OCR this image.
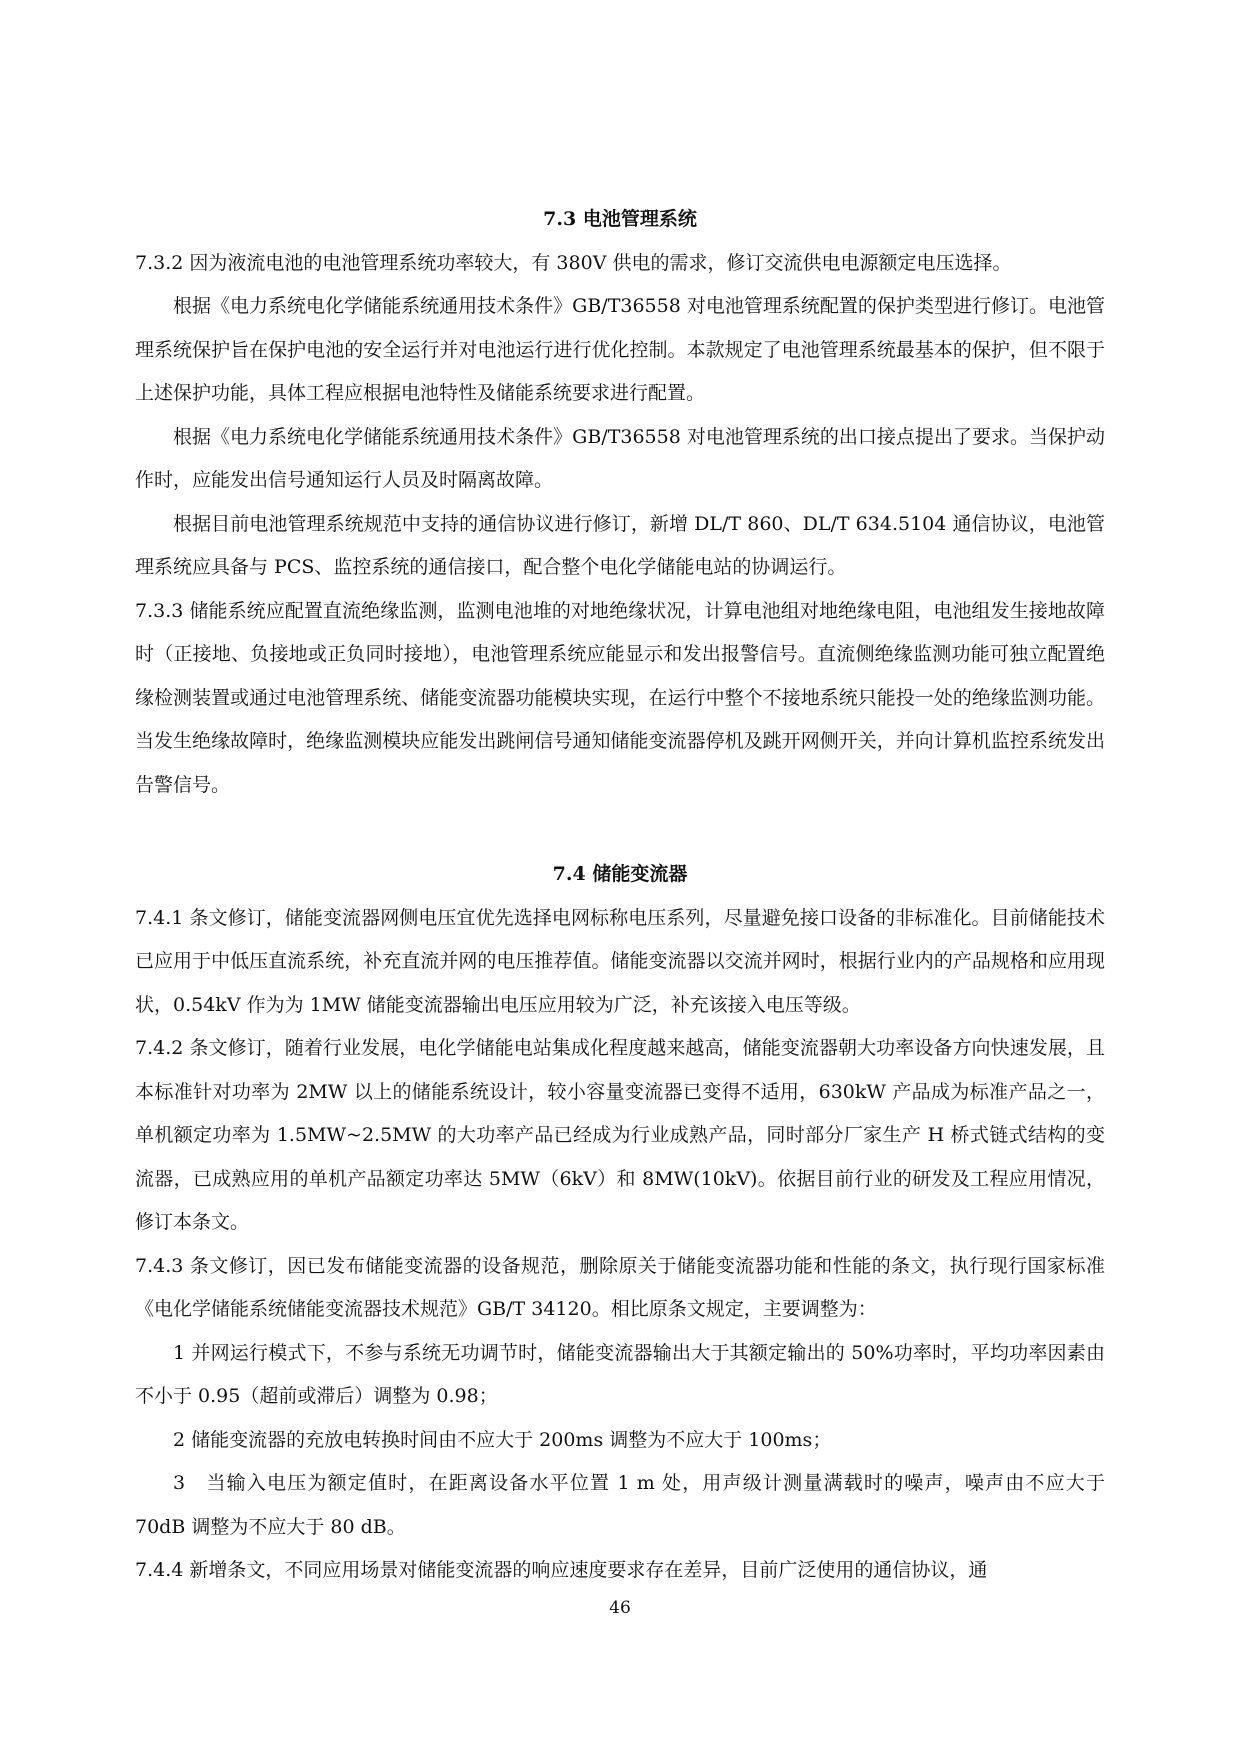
7.3 电池管理系统

7.3.2 因为液流电池的电池管理系统功率较大，有 380V 供电的需求，修订交流供电电源额定电压选择。

根据《电力系统电化学储能系统通用技术条件》GB/T36558 对电池管理系统配置的保护类型进行修订。电池管理系统保护旨在保护电池的安全运行并对电池运行进行优化控制。本款规定了电池管理系统最基本的保护，但不限于上述保护功能，具体工程应根据电池特性及储能系统要求进行配置。

根据《电力系统电化学储能系统通用技术条件》GB/T36558 对电池管理系统的出口接点提出了要求。当保护动作时，应能发出信号通知运行人员及时隔离故障。

根据目前电池管理系统规范中支持的通信协议进行修订，新增 DL/T 860、DL/T 634.5104 通信协议，电池管理系统应具备与 PCS、监控系统的通信接口，配合整个电化学储能电站的协调运行。

7.3.3 储能系统应配置直流绝缘监测，监测电池堆的对地绝缘状况，计算电池组对地绝缘电阻，电池组发生接地故障时（正接地、负接地或正负同时接地），电池管理系统应能显示和发出报警信号。直流侧绝缘监测功能可独立配置绝缘检测装置或通过电池管理系统、储能变流器功能模块实现，在运行中整个不接地系统只能投一处的绝缘监测功能。当发生绝缘故障时，绝缘监测模块应能发出跳闸信号通知储能变流器停机及跳开网侧开关，并向计算机监控系统发出告警信号。

7.4 储能变流器

7.4.1 条文修订，储能变流器网侧电压宜优先选择电网标称电压系列，尽量避免接口设备的非标准化。目前储能技术已应用于中低压直流系统，补充直流并网的电压推荐值。储能变流器以交流并网时，根据行业内的产品规格和应用现状，0.54kV 作为为 1MW 储能变流器输出电压应用较为广泛，补充该接入电压等级。

7.4.2 条文修订，随着行业发展，电化学储能电站集成化程度越来越高，储能变流器朝大功率设备方向快速发展，且本标准针对功率为 2MW 以上的储能系统设计，较小容量变流器已变得不适用，630kW 产品成为标准产品之一，单机额定功率为 1.5MW~2.5MW 的大功率产品已经成为行业成熟产品，同时部分厂家生产 H 桥式链式结构的变流器，已成熟应用的单机产品额定功率达 5MW（6kV）和 8MW(10kV)。依据目前行业的研发及工程应用情况，修订本条文。

7.4.3 条文修订，因已发布储能变流器的设备规范，删除原关于储能变流器功能和性能的条文，执行现行国家标准《电化学储能系统储能变流器技术规范》GB/T 34120。相比原条文规定，主要调整为：

1 并网运行模式下，不参与系统无功调节时，储能变流器输出大于其额定输出的 50%功率时，平均功率因素由不小于 0.95（超前或滞后）调整为 0.98；

2 储能变流器的充放电转换时间由不应大于 200ms 调整为不应大于 100ms；

3　当输入电压为额定值时，在距离设备水平位置 1 m 处，用声级计测量满载时的噪声，噪声由不应大于 70dB 调整为不应大于 80 dB。

7.4.4 新增条文，不同应用场景对储能变流器的响应速度要求存在差异，目前广泛使用的通信协议，通

46
